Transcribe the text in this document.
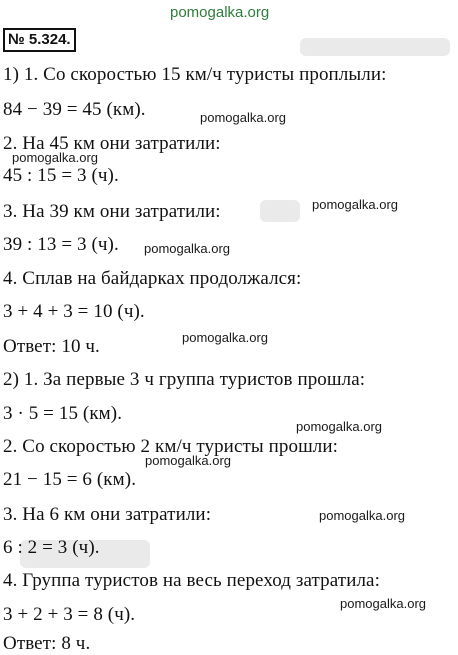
pomogalka.org
№ 5.324.
1) 1. Со скоростью 15 км/ч туристы проплыли:
84 − 39 = 45 (км).
2. На 45 км они затратили:
45 : 15 = 3 (ч).
3. На 39 км они затратили:
39 : 13 = 3 (ч).
4. Сплав на байдарках продолжался:
3 + 4 + 3 = 10 (ч).
Ответ: 10 ч.
2) 1. За первые 3 ч группа туристов прошла:
3 · 5 = 15 (км).
2. Со скоростью 2 км/ч туристы прошли:
21 − 15 = 6 (км).
3. На 6 км они затратили:
6 : 2 = 3 (ч).
4. Группа туристов на весь переход затратила:
3 + 2 + 3 = 8 (ч).
Ответ: 8 ч.
pomogalka.org
pomogalka.org
pomogalka.org
pomogalka.org
pomogalka.org
pomogalka.org
pomogalka.org
pomogalka.org
pomogalka.org
